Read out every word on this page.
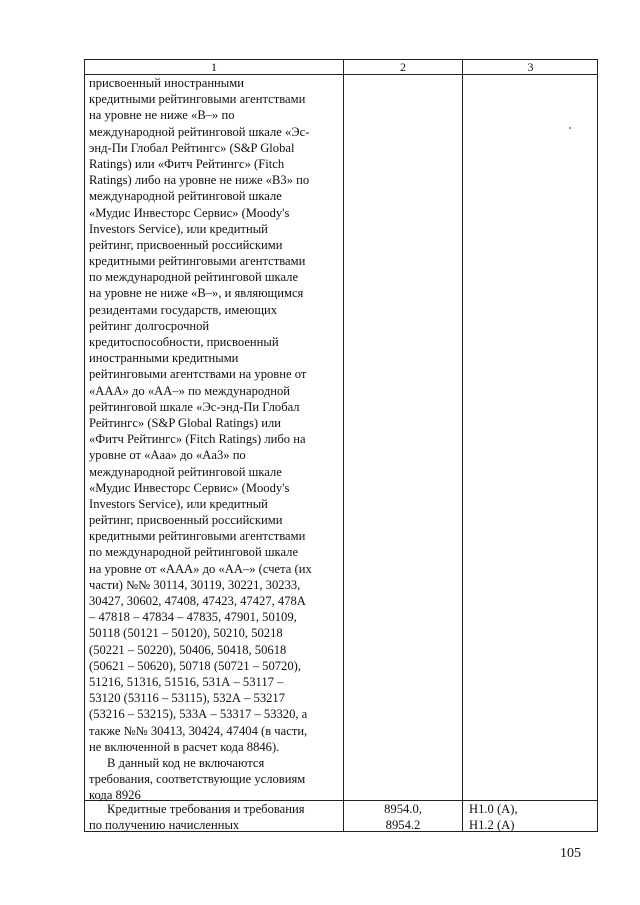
1	2	3
присвоенный иностранными
кредитными рейтинговыми агентствами
на уровне не ниже «B–» по
международной рейтинговой шкале «Эс-
энд-Пи Глобал Рейтингс» (S&P Global
Ratings) или «Фитч Рейтингс» (Fitch
Ratings) либо на уровне не ниже «B3» по
международной рейтинговой шкале
«Мудис Инвесторс Сервис» (Moody's
Investors Service), или кредитный
рейтинг, присвоенный российскими
кредитными рейтинговыми агентствами
по международной рейтинговой шкале
на уровне не ниже «B–», и являющимся
резидентами государств, имеющих
рейтинг долгосрочной
кредитоспособности, присвоенный
иностранными кредитными
рейтинговыми агентствами на уровне от
«AAA» до «AA–» по международной
рейтинговой шкале «Эс-энд-Пи Глобал
Рейтингс» (S&P Global Ratings) или
«Фитч Рейтингс» (Fitch Ratings) либо на
уровне от «Aaa» до «Aa3» по
международной рейтинговой шкале
«Мудис Инвесторс Сервис» (Moody's
Investors Service), или кредитный
рейтинг, присвоенный российскими
кредитными рейтинговыми агентствами
по международной рейтинговой шкале
на уровне от «AAA» до «AA–» (счета (их
части) №№ 30114, 30119, 30221, 30233,
30427, 30602, 47408, 47423, 47427, 478А
– 47818 – 47834 – 47835, 47901, 50109,
50118 (50121 – 50120), 50210, 50218
(50221 – 50220), 50406, 50418, 50618
(50621 – 50620), 50718 (50721 – 50720),
51216, 51316, 51516, 531А – 53117 –
53120 (53116 – 53115), 532А – 53217
(53216 – 53215), 533А – 53317 – 53320, а
также №№ 30413, 30424, 47404 (в части,
не включенной в расчет кода 8846).
В данный код не включаются
требования, соответствующие условиям
кода 8926
Кредитные требования и требования
по получению начисленных
8954.0,
8954.2
Н1.0 (А),
Н1.2 (А)
105
